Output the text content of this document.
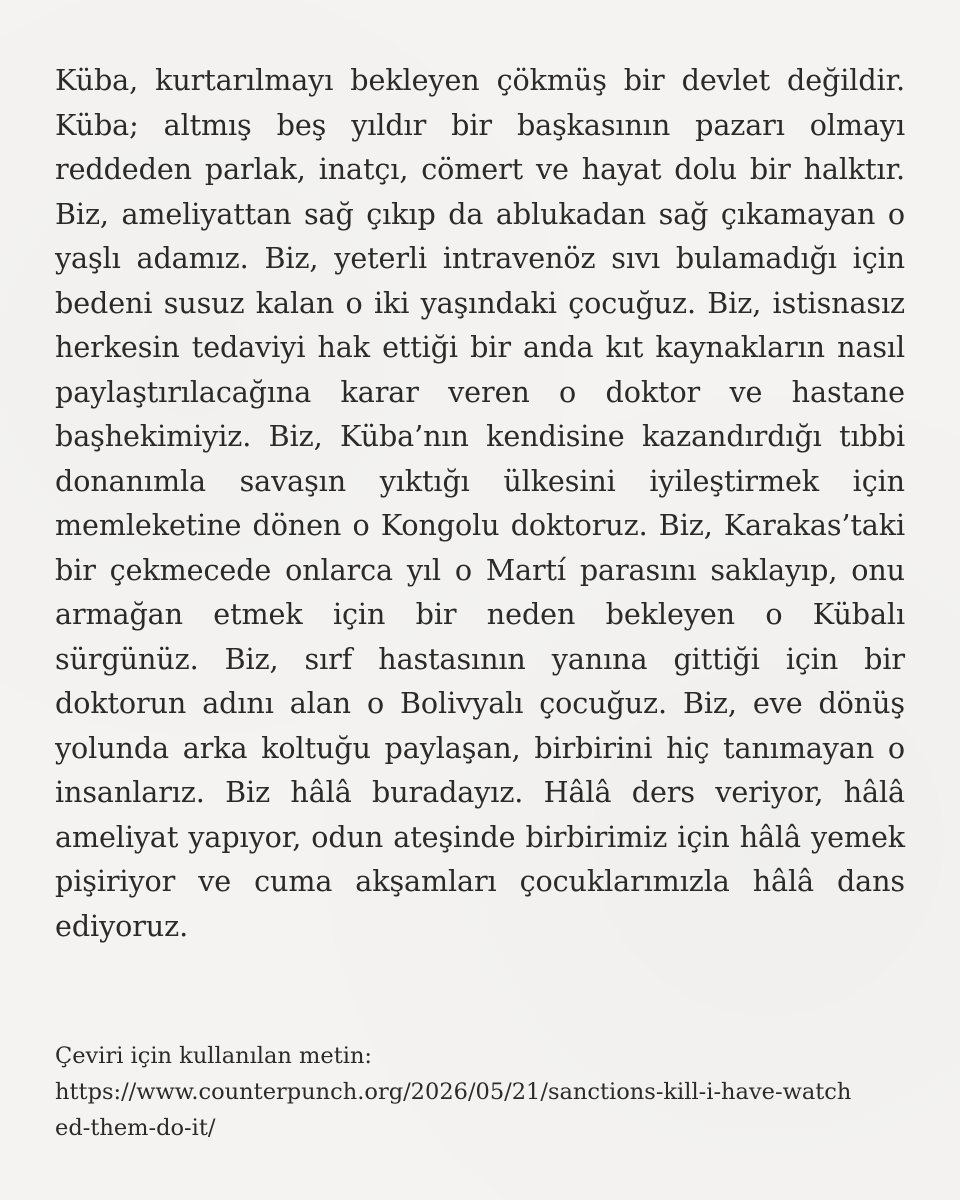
Küba, kurtarılmayı bekleyen çökmüş bir devlet değildir. Küba; altmış beş yıldır bir başkasının pazarı olmayı reddeden parlak, inatçı, cömert ve hayat dolu bir halktır. Biz, ameliyattan sağ çıkıp da ablukadan sağ çıkamayan o yaşlı adamız. Biz, yeterli intravenöz sıvı bulamadığı için bedeni susuz kalan o iki yaşındaki çocuğuz. Biz, istisnasız herkesin tedaviyi hak ettiği bir anda kıt kaynakların nasıl paylaştırılacağına karar veren o doktor ve hastane başhekimiyiz. Biz, Küba’nın kendisine kazandırdığı tıbbi donanımla savaşın yıktığı ülkesini iyileştirmek için memleketine dönen o Kongolu doktoruz. Biz, Karakas’taki bir çekmecede onlarca yıl o Martí parasını saklayıp, onu armağan etmek için bir neden bekleyen o Kübalı sürgünüz. Biz, sırf hastasının yanına gittiği için bir doktorun adını alan o Bolivyalı çocuğuz. Biz, eve dönüş yolunda arka koltuğu paylaşan, birbirini hiç tanımayan o insanlarız. Biz hâlâ buradayız. Hâlâ ders veriyor, hâlâ ameliyat yapıyor, odun ateşinde birbirimiz için hâlâ yemek pişiriyor ve cuma akşamları çocuklarımızla hâlâ dans ediyoruz.

Çeviri için kullanılan metin:
https://www.counterpunch.org/2026/05/21/sanctions-kill-i-have-watched-them-do-it/
